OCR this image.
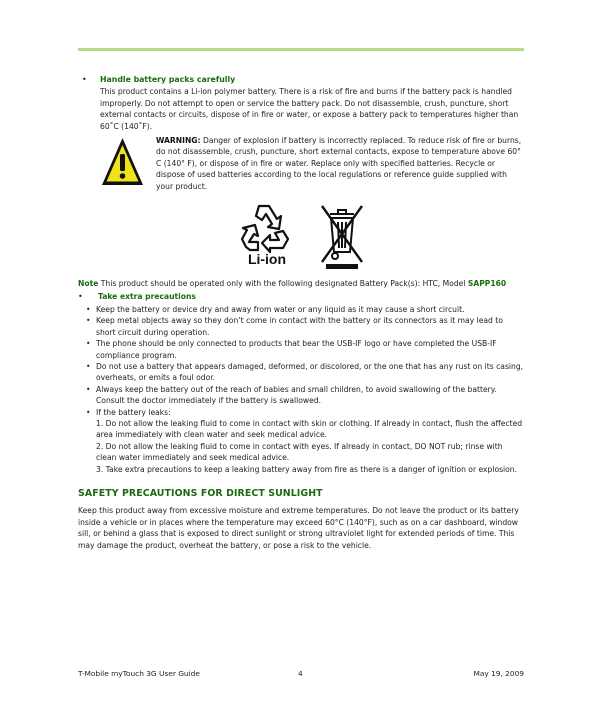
•	Handle battery packs carefully

This product contains a Li-ion polymer battery. There is a risk of fire and burns if the battery pack is handled improperly. Do not attempt to open or service the battery pack. Do not disassemble, crush, puncture, short external contacts or circuits, dispose of in fire or water, or expose a battery pack to temperatures higher than 60˚C (140˚F).

WARNING: Danger of explosion if battery is incorrectly replaced. To reduce risk of fire or burns, do not disassemble, crush, puncture, short external contacts, expose to temperature above 60° C (140° F), or dispose of in fire or water. Replace only with specified batteries. Recycle or dispose of used batteries according to the local regulations or reference guide supplied with your product.
Li-ion
Note This product should be operated only with the following designated Battery Pack(s): HTC, Model SAPP160
•	Take extra precautions
• Keep the battery or device dry and away from water or any liquid as it may cause a short circuit.
• Keep metal objects away so they don’t come in contact with the battery or its connectors as it may lead to short circuit during operation.
• The phone should be only connected to products that bear the USB-IF logo or have completed the USB-IF compliance program.
• Do not use a battery that appears damaged, deformed, or discolored, or the one that has any rust on its casing, overheats, or emits a foul odor.
• Always keep the battery out of the reach of babies and small children, to avoid swallowing of the battery. Consult the doctor immediately if the battery is swallowed.
• If the battery leaks:
1. Do not allow the leaking fluid to come in contact with skin or clothing. If already in contact, flush the affected area immediately with clean water and seek medical advice.
2. Do not allow the leaking fluid to come in contact with eyes. If already in contact, DO NOT rub; rinse with clean water immediately and seek medical advice.
3. Take extra precautions to keep a leaking battery away from fire as there is a danger of ignition or explosion.
SAFETY PRECAUTIONS FOR DIRECT SUNLIGHT

Keep this product away from excessive moisture and extreme temperatures. Do not leave the product or its battery inside a vehicle or in places where the temperature may exceed 60°C (140°F), such as on a car dashboard, window sill, or behind a glass that is exposed to direct sunlight or strong ultraviolet light for extended periods of time. This may damage the product, overheat the battery, or pose a risk to the vehicle.

T-Mobile myTouch 3G User Guide	4	May 19, 2009
